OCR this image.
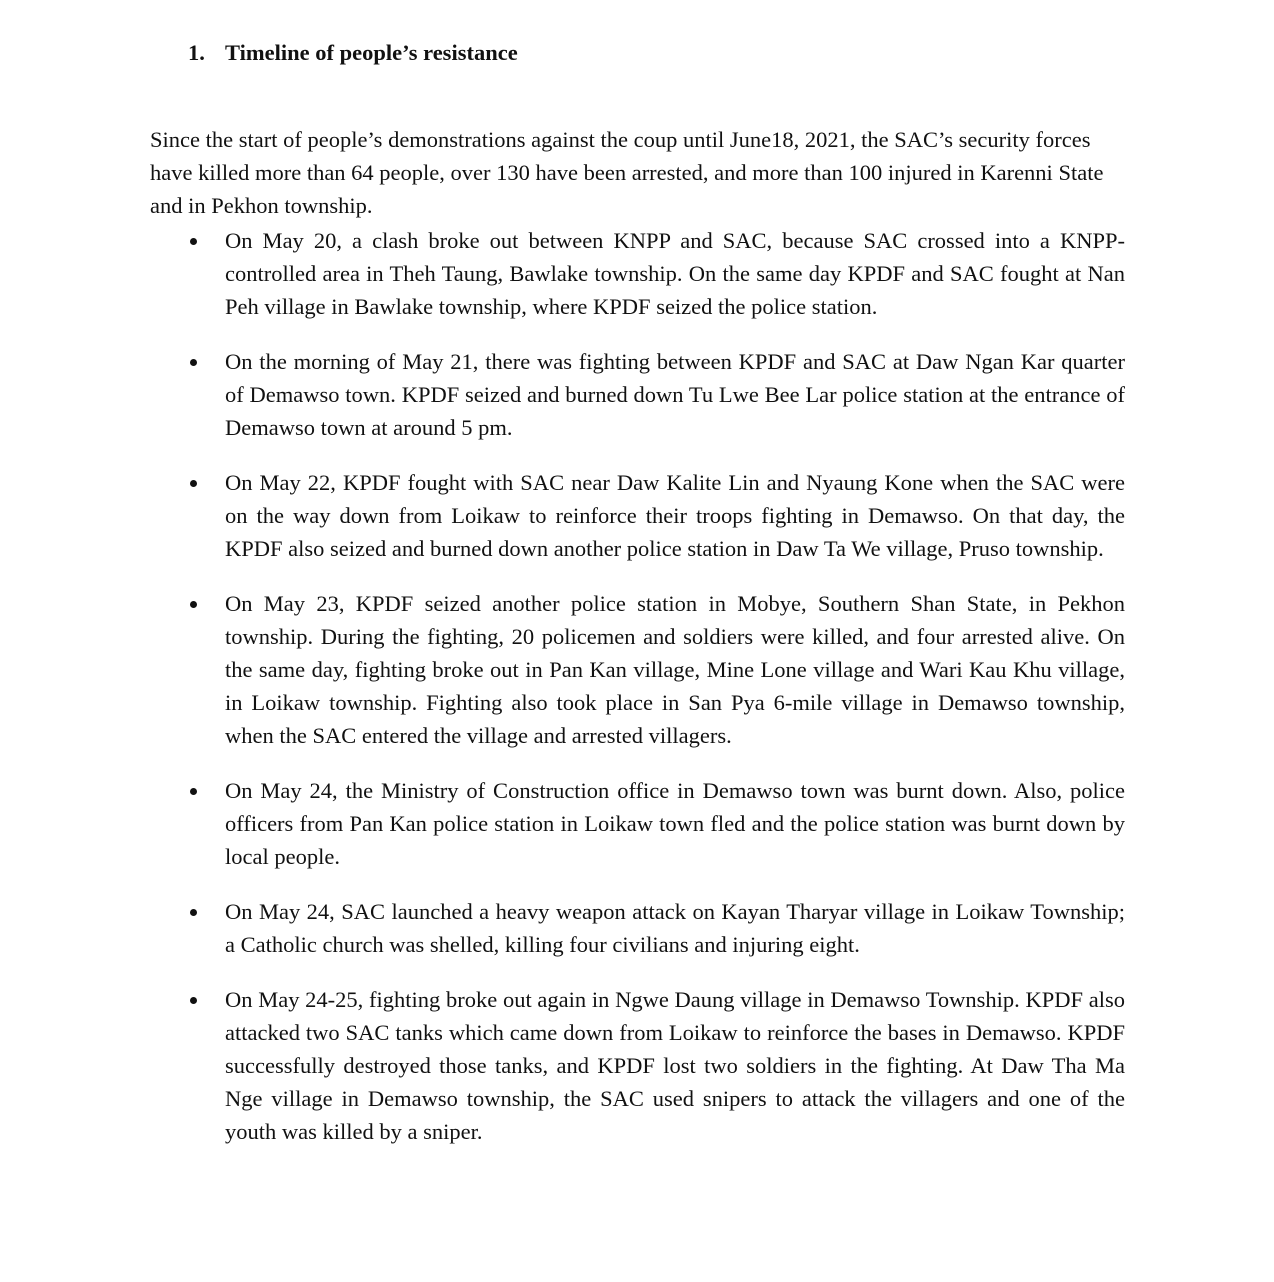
1. Timeline of people’s resistance

Since the start of people’s demonstrations against the coup until June18, 2021, the SAC’s security forces have killed more than 64 people, over 130 have been arrested, and more than 100 injured in Karenni State and in Pekhon township.

On May 20, a clash broke out between KNPP and SAC, because SAC crossed into a KNPP-controlled area in Theh Taung, Bawlake township. On the same day KPDF and SAC fought at Nan Peh village in Bawlake township, where KPDF seized the police station.
On the morning of May 21, there was fighting between KPDF and SAC at Daw Ngan Kar quarter of Demawso town. KPDF seized and burned down Tu Lwe Bee Lar police station at the entrance of Demawso town at around 5 pm.
On May 22, KPDF fought with SAC near Daw Kalite Lin and Nyaung Kone when the SAC were on the way down from Loikaw to reinforce their troops fighting in Demawso. On that day, the KPDF also seized and burned down another police station in Daw Ta We village, Pruso township.
On May 23, KPDF seized another police station in Mobye, Southern Shan State, in Pekhon township. During the fighting, 20 policemen and soldiers were killed, and four arrested alive. On the same day, fighting broke out in Pan Kan village, Mine Lone village and Wari Kau Khu village, in Loikaw township. Fighting also took place in San Pya 6-mile village in Demawso township, when the SAC entered the village and arrested villagers.
On May 24, the Ministry of Construction office in Demawso town was burnt down. Also, police officers from Pan Kan police station in Loikaw town fled and the police station was burnt down by local people.
On May 24, SAC launched a heavy weapon attack on Kayan Tharyar village in Loikaw Township; a Catholic church was shelled, killing four civilians and injuring eight.
On May 24-25, fighting broke out again in Ngwe Daung village in Demawso Township. KPDF also attacked two SAC tanks which came down from Loikaw to reinforce the bases in Demawso. KPDF successfully destroyed those tanks, and KPDF lost two soldiers in the fighting. At Daw Tha Ma Nge village in Demawso township, the SAC used snipers to attack the villagers and one of the youth was killed by a sniper.
